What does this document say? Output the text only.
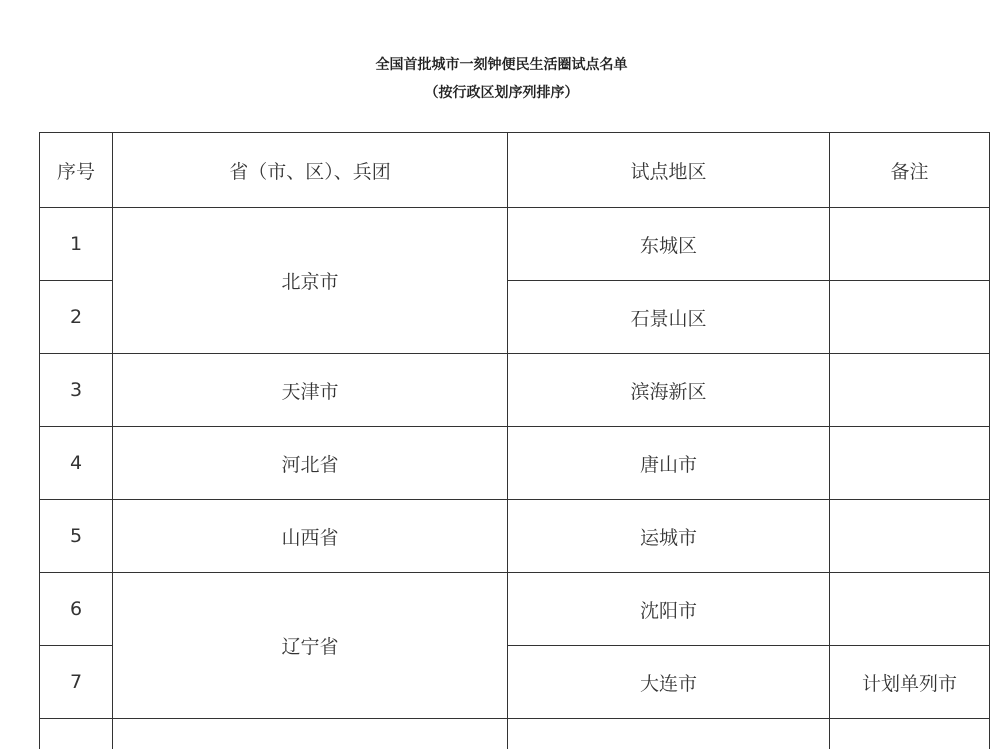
全国首批城市一刻钟便民生活圈试点名单
（按行政区划序列排序）
序号	省（市、区）、兵团	试点地区	备注
1	北京市	东城区	
2		石景山区	
3	天津市	滨海新区	
4	河北省	唐山市	
5	山西省	运城市	
6	辽宁省	沈阳市	
7		大连市	计划单列市
